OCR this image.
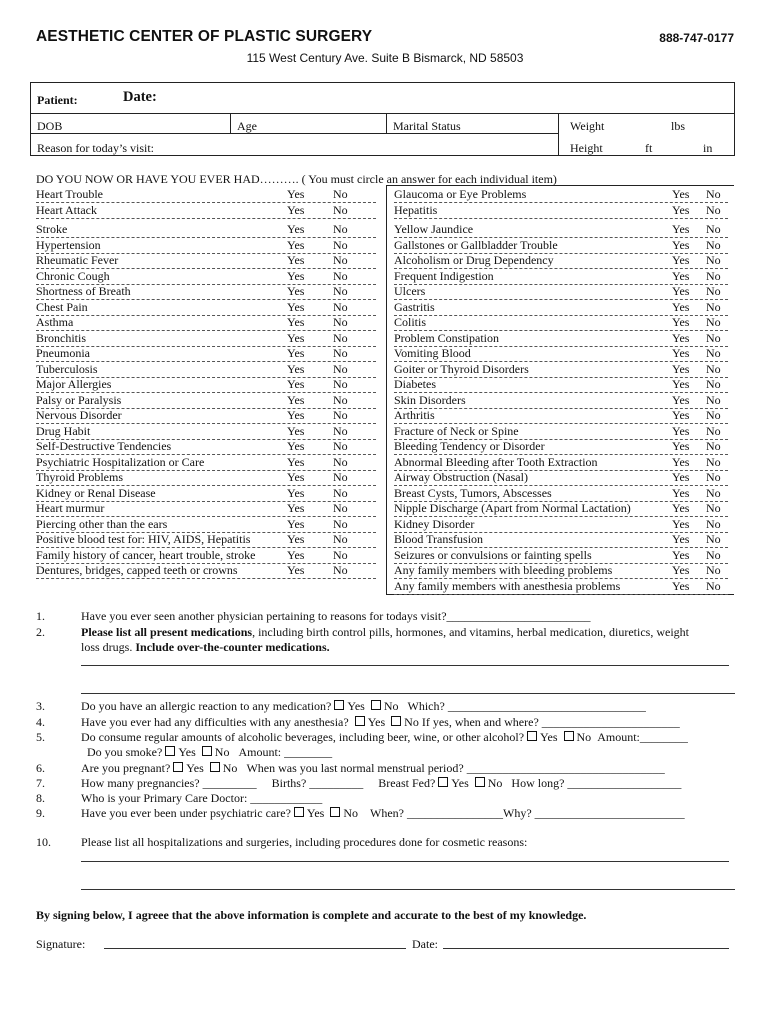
AESTHETIC CENTER OF PLASTIC SURGERY	888-747-0177
115 West Century Ave. Suite B Bismarck, ND 58503
Patient:	Date:
DOB	Age	Marital Status	Weight	lbs
Reason for today’s visit:	Height	ft	in
DO YOU NOW OR HAVE YOU EVER HAD………. ( You must circle an answer for each individual item)
Heart Trouble	Yes No
Heart Attack	Yes No
Stroke	Yes No
Hypertension	Yes No
Rheumatic Fever	Yes No
Chronic Cough	Yes No
Shortness of Breath	Yes No
Chest Pain	Yes No
Asthma	Yes No
Bronchitis	Yes No
Pneumonia	Yes No
Tuberculosis	Yes No
Major Allergies	Yes No
Palsy or Paralysis	Yes No
Nervous Disorder	Yes No
Drug Habit	Yes No
Self-Destructive Tendencies	Yes No
Psychiatric Hospitalization or Care	Yes No
Thyroid Problems	Yes No
Kidney or Renal Disease	Yes No
Heart murmur	Yes No
Piercing other than the ears	Yes No
Positive blood test for: HIV, AIDS, Hepatitis	Yes No
Family history of cancer, heart trouble, stroke	Yes No
Dentures, bridges, capped teeth or crowns	Yes No
Glaucoma or Eye Problems	Yes No
Hepatitis	Yes No
Yellow Jaundice	Yes No
Gallstones or Gallbladder Trouble	Yes No
Alcoholism or Drug Dependency	Yes No
Frequent Indigestion	Yes No
Ulcers	Yes No
Gastritis	Yes No
Colitis	Yes No
Problem Constipation	Yes No
Vomiting Blood	Yes No
Goiter or Thyroid Disorders	Yes No
Diabetes	Yes No
Skin Disorders	Yes No
Arthritis	Yes No
Fracture of Neck or Spine	Yes No
Bleeding Tendency or Disorder	Yes No
Abnormal Bleeding after Tooth Extraction	Yes No
Airway Obstruction (Nasal)	Yes No
Breast Cysts, Tumors, Abscesses	Yes No
Nipple Discharge (Apart from Normal Lactation)	Yes No
Kidney Disorder	Yes No
Blood Transfusion	Yes No
Seizures or convulsions or fainting spells	Yes No
Any family members with bleeding problems	Yes No
Any family members with anesthesia problems	Yes No
1.	Have you ever seen another physician pertaining to reasons for todays visit?________________________
2.	Please list all present medications, including birth control pills, hormones, and vitamins, herbal medication, diuretics, weight
loss drugs. Include over-the-counter medications.
3.	Do you have an allergic reaction to any medication? Yes No Which? _________________________________
4.	Have you ever had any difficulties with any anesthesia? Yes No If yes, when and where? _______________________
5.	Do consume regular amounts of alcoholic beverages, including beer, wine, or other alcohol? Yes No Amount:________
Do you smoke? Yes No Amount: ________
6.	Are you pregnant? Yes No When was you last normal menstrual period? _________________________________
7.	How many pregnancies? _________ Births? _________ Breast Fed? Yes No How long? ___________________
8.	Who is your Primary Care Doctor: ____________
9.	Have you ever been under psychiatric care? Yes No When? ________________Why? _________________________
10.	Please list all hospitalizations and surgeries, including procedures done for cosmetic reasons:
By signing below, I agreee that the above information is complete and accurate to the best of my knowledge.
Signature:	Date:
